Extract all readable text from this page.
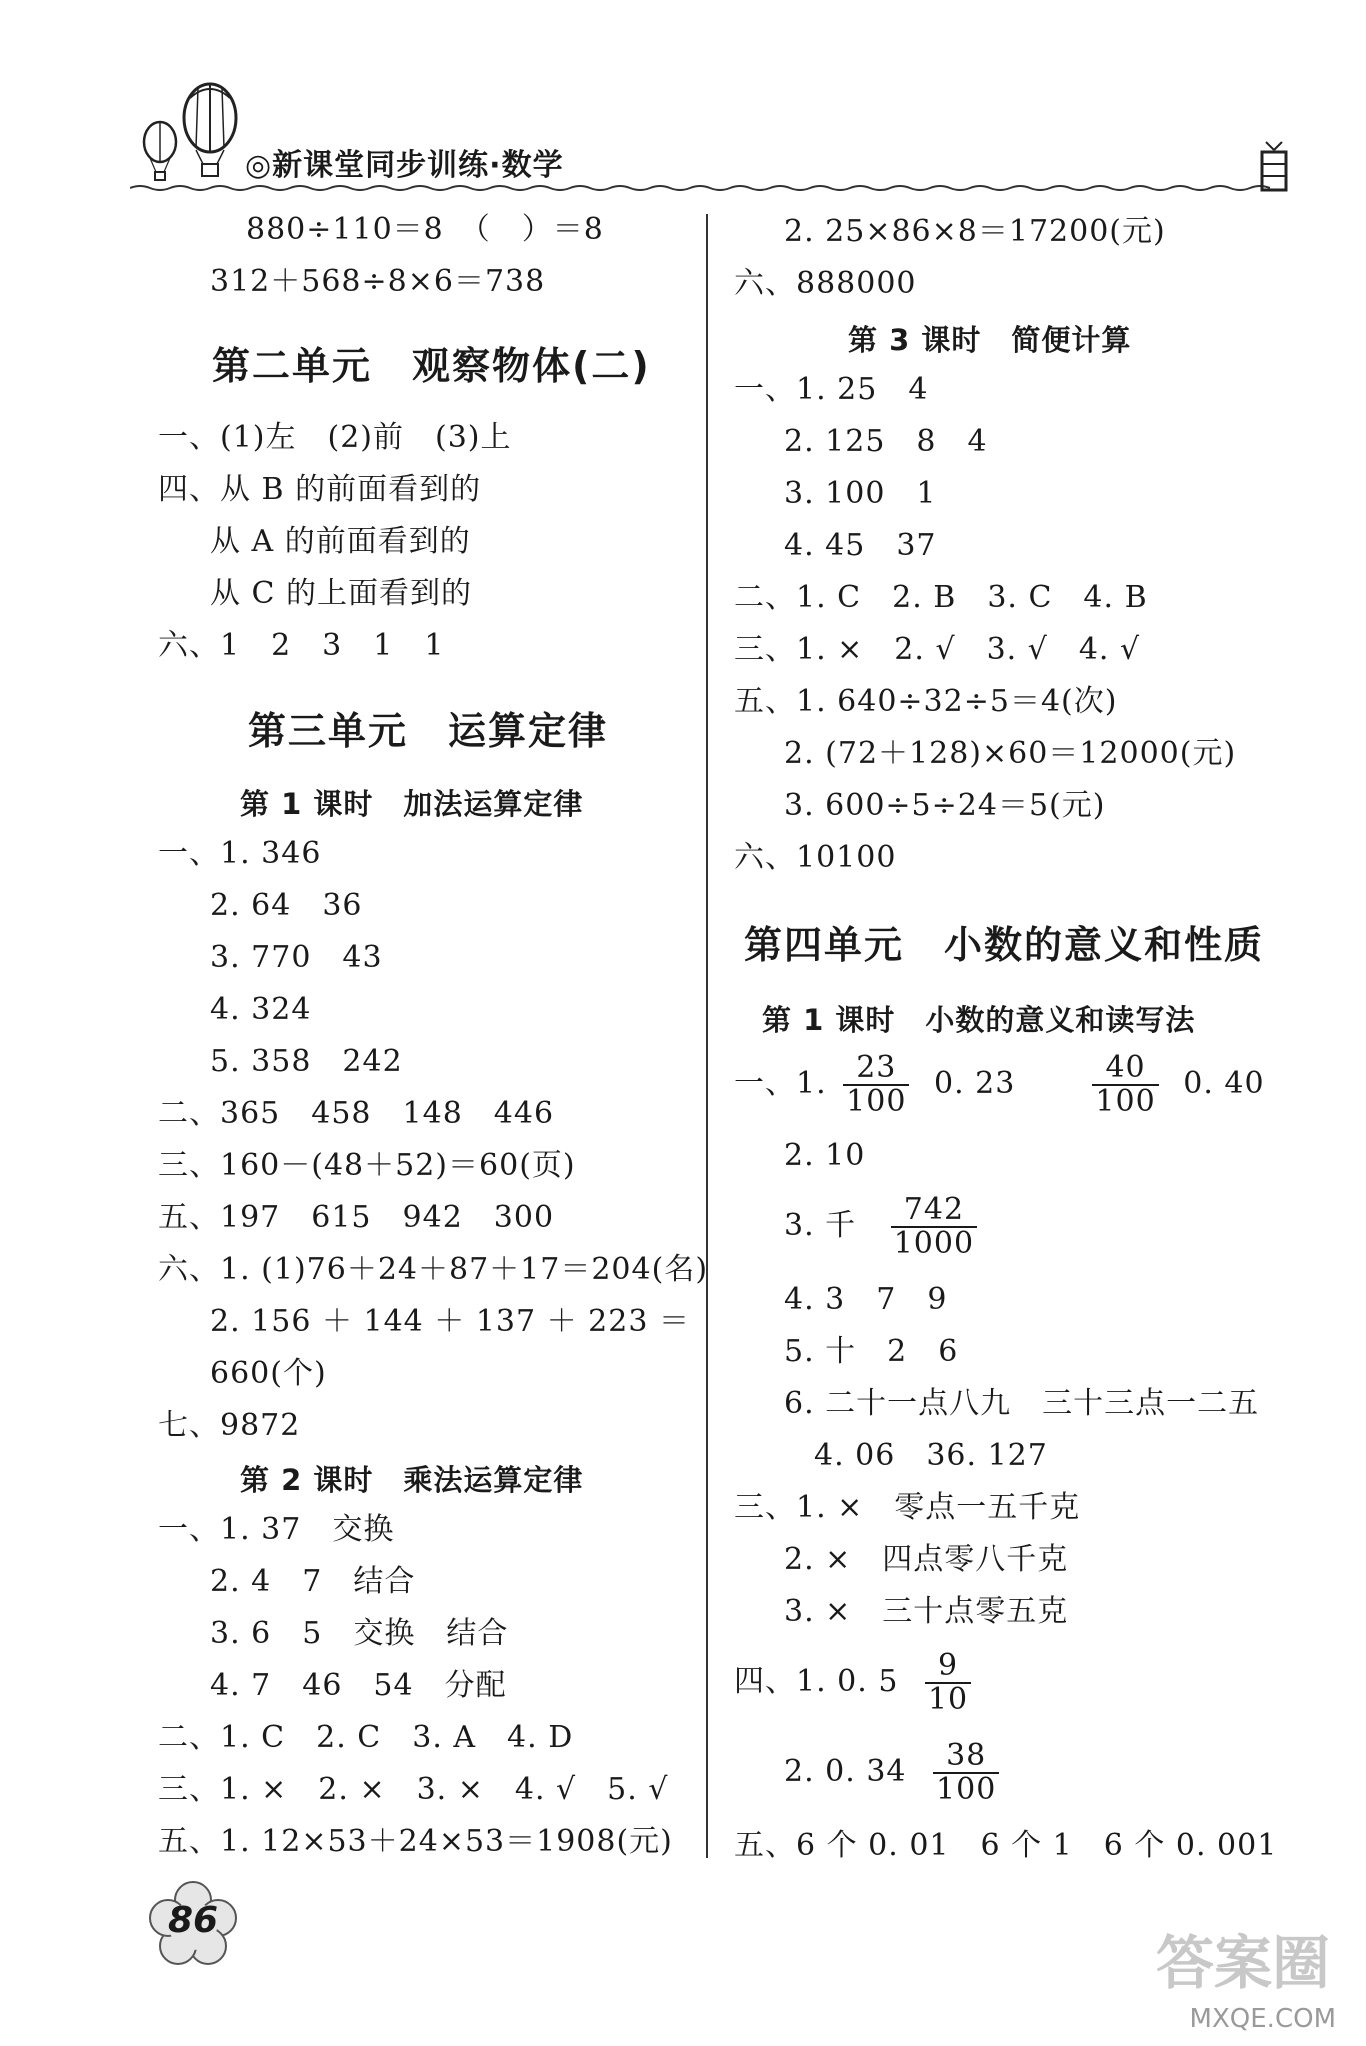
◎新课堂同步训练·数学
880÷110＝8　（　）＝8
312＋568÷8×6＝738
第二单元　观察物体(二)
一、(1)左　(2)前　(3)上
四、从 B 的前面看到的
从 A 的前面看到的
从 C 的上面看到的
六、1　2　3　1　1
第三单元　运算定律
第 1 课时　加法运算定律
一、1. 346
2. 64　36
3. 770　43
4. 324
5. 358　242
二、365　458　148　446
三、160－(48＋52)＝60(页)
五、197　615　942　300
六、1. (1)76＋24＋87＋17＝204(名)
2. 156 ＋ 144 ＋ 137 ＋ 223 ＝
660(个)
七、9872
第 2 课时　乘法运算定律
一、1. 37　交换
2. 4　7　结合
3. 6　5　交换　结合
4. 7　46　54　分配
二、1. C　2. C　3. A　4. D
三、1. ×　2. ×　3. ×　4. √　5. √
五、1. 12×53＋24×53＝1908(元)
2. 25×86×8＝17200(元)
六、888000
第 3 课时　简便计算
一、1. 25　4
2. 125　8　4
3. 100　1
4. 45　37
二、1. C　2. B　3. C　4. B
三、1. ×　2. √　3. √　4. √
五、1. 640÷32÷5＝4(次)
2. (72＋128)×60＝12000(元)
3. 600÷5÷24＝5(元)
六、10100
第四单元　小数的意义和性质
第 1 课时　小数的意义和读写法
一、1. $\frac{23}{100} 0$. 23	$\frac{40}{100} 0$. 40
2. 10
3. 千 $\frac{742}{1000}$
4. 3　7　9
5. 十　2　6
6. 二十一点八九　三十三点一二五
4. 06　36. 127
三、1. ×　零点一五千克
2. ×　四点零八千克
3. ×　三十点零五克
四、1. 0. $5 \frac{9}{10}$
2. 0. $34 \frac{38}{100}$
五、6 个 0. 01　6 个 1　6 个 0. 001
86
答案圈
MXQE.COM
